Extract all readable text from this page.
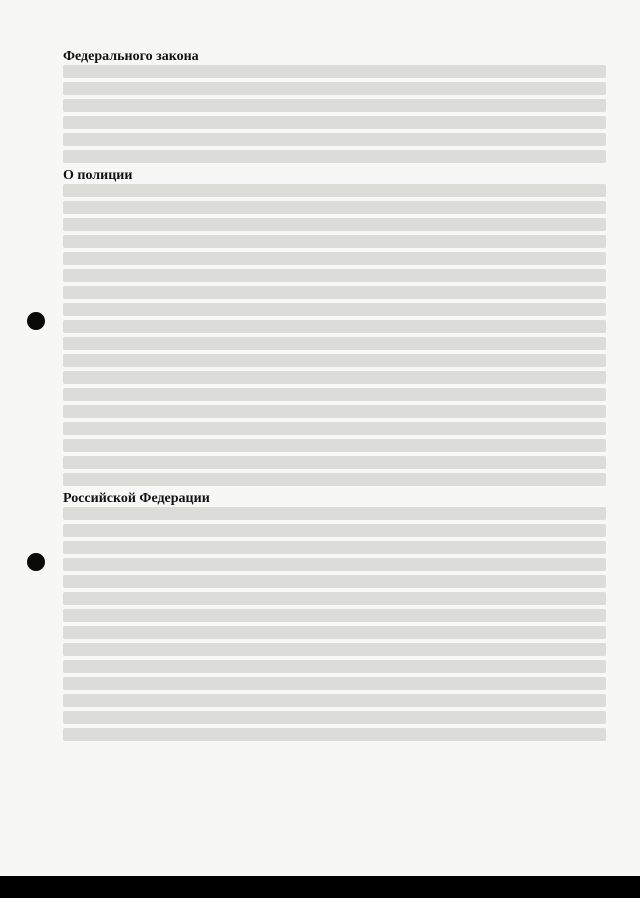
Федерального закона
О полиции
Российской Федерации
